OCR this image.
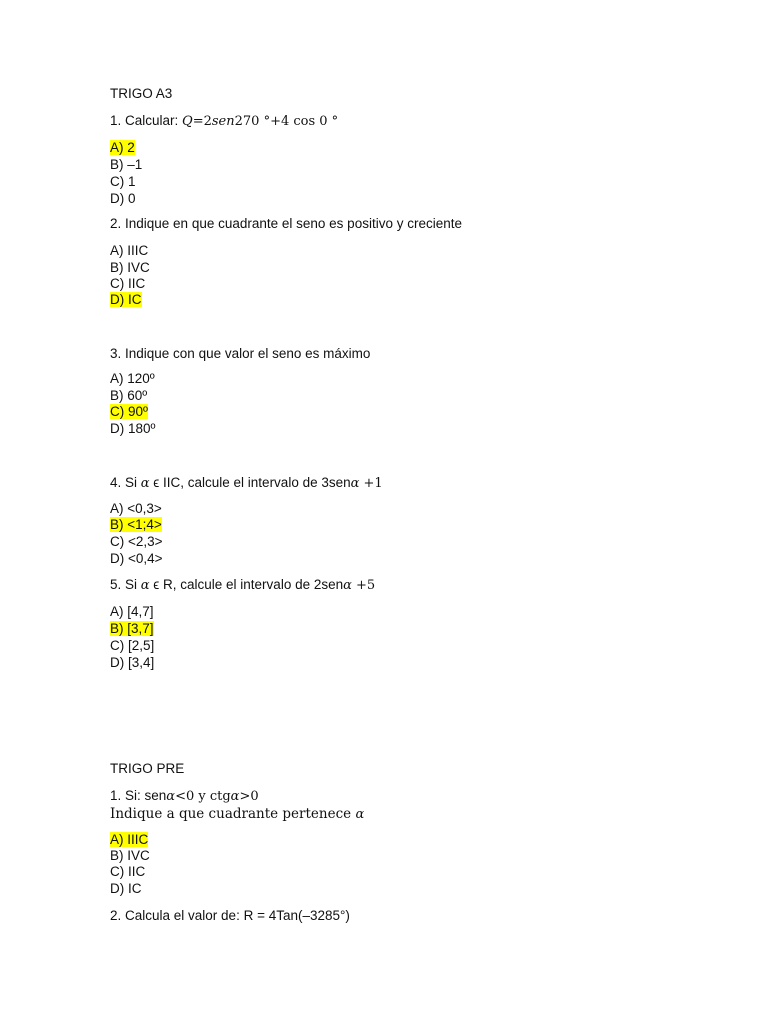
TRIGO A3
1. Calcular: Q=2sen270 °+4 cos 0 °
A) 2
B) –1
C) 1
D) 0
2. Indique en que cuadrante el seno es positivo y creciente
A) IIIC
B) IVC
C) IIC
D) IC
3. Indique con que valor el seno es máximo
A) 120º
B) 60º
C) 90º
D) 180º
4. Si α ϵ IIC, calcule el intervalo de 3senα +1
A) <0,3>
B) <1;4>
C) <2,3>
D) <0,4>
5. Si α ϵ R, calcule el intervalo de 2senα +5
A) [4,7]
B) [3,7]
C) [2,5]
D) [3,4]
TRIGO PRE
1. Si: senα<0 y ctgα>0
Indique a que cuadrante pertenece α
A) IIIC
B) IVC
C) IIC
D) IC
2. Calcula el valor de: R = 4Tan(–3285°)
